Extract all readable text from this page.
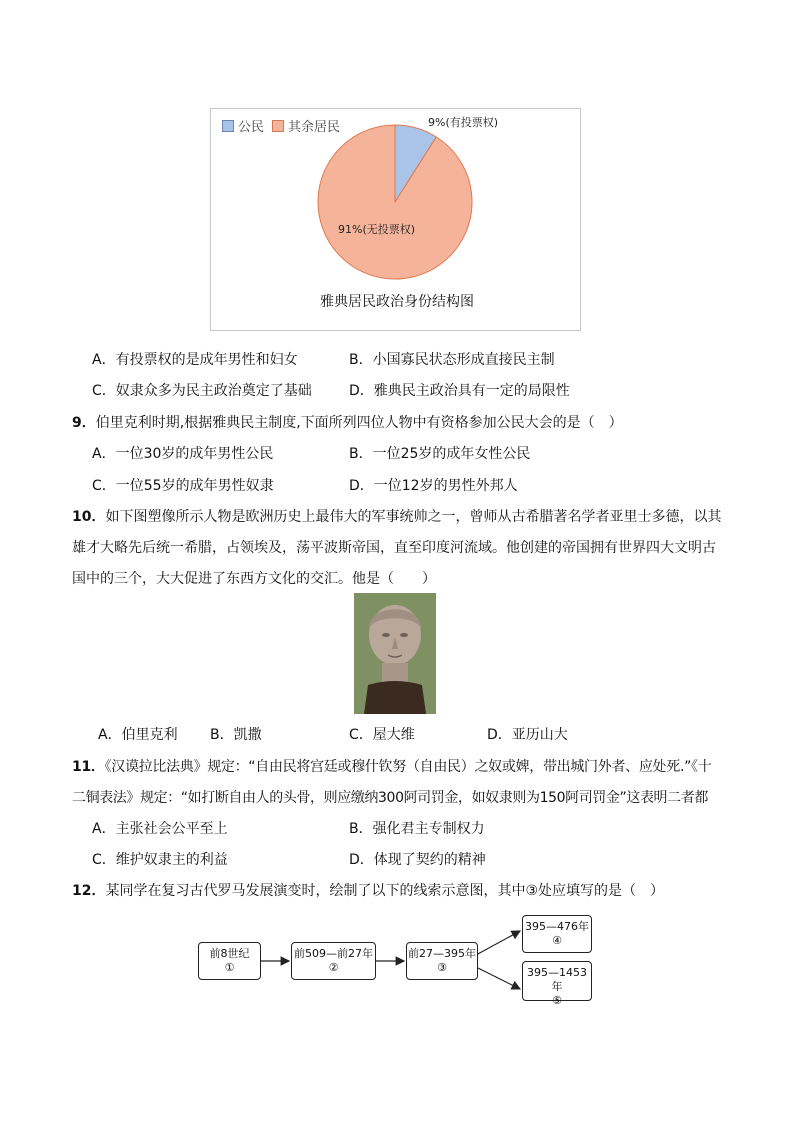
公民 其余居民	9%(有投票权)
91%(无投票权)
雅典居民政治身份结构图
A．有投票权的是成年男性和妇女	B．小国寡民状态形成直接民主制
C．奴隶众多为民主政治奠定了基础	D．雅典民主政治具有一定的局限性
9．伯里克利时期,根据雅典民主制度,下面所列四位人物中有资格参加公民大会的是（　）
A．一位30岁的成年男性公民	B．一位25岁的成年女性公民
C．一位55岁的成年男性奴隶	D．一位12岁的男性外邦人
10．如下图塑像所示人物是欧洲历史上最伟大的军事统帅之一，曾师从古希腊著名学者亚里士多德，以其
雄才大略先后统一希腊，占领埃及，荡平波斯帝国，直至印度河流域。他创建的帝国拥有世界四大文明古
国中的三个，大大促进了东西方文化的交汇。他是（　　）
A．伯里克利 B．凯撒	C．屋大维	D．亚历山大
11．《汉谟拉比法典》规定：“自由民将宫廷或穆什钦努（自由民）之奴或婢，带出城门外者、应处死.”《十
二铜表法》规定：“如打断自由人的头骨，则应缴纳300阿司罚金，如奴隶则为150阿司罚金”这表明二者都
A．主张社会公平至上	B．强化君主专制权力
C．维护奴隶主的利益	D．体现了契约的精神
12．某同学在复习古代罗马发展演变时，绘制了以下的线索示意图，其中③处应填写的是（　）
前8世纪
①
前509—前27年
②
前27—395年
③
395—476年
④
395—1453年
⑤
